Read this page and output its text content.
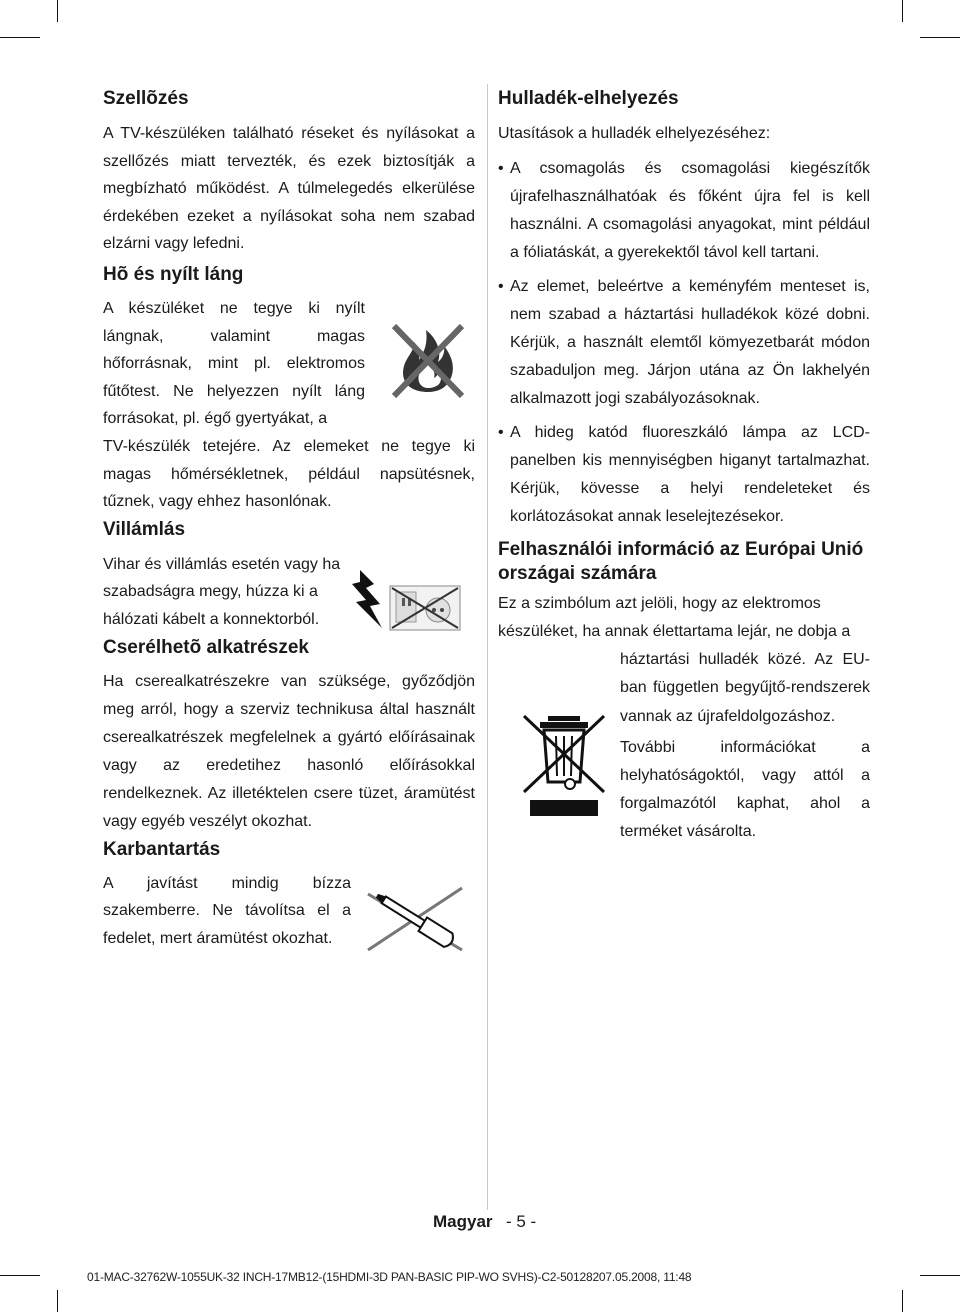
Szellõzés

A TV-készüléken található réseket és nyílásokat a szellőzés miatt tervezték, és ezek biztosítják a megbízható működést. A túlmelegedés elkerülése érdekében ezeket a nyílásokat soha nem szabad elzárni vagy lefedni.

Hõ és nyílt láng

A készüléket ne tegye ki nyílt lángnak, valamint magas hőforrásnak, mint pl. elektromos fűtőtest. Ne helyezzen nyílt láng forrásokat, pl. égő gyertyákat, a

TV-készülék tetejére. Az elemeket ne tegye ki magas hőmérsékletnek, például napsütésnek, tűznek, vagy ehhez hasonlónak.

Villámlás

Vihar és villámlás esetén vagy ha szabadságra megy, húzza ki a hálózati kábelt a konnektorból.

Cserélhetõ alkatrészek

Ha cserealkatrészekre van szüksége, győződjön meg arról, hogy a szerviz technikusa által használt cserealkatrészek megfelelnek a gyártó előírásainak vagy az eredetihez hasonló előírásokkal rendelkeznek. Az illetéktelen csere tüzet, áramütést vagy egyéb veszélyt okozhat.

Karbantartás

A javítást mindig bízza szakemberre. Ne távolítsa el a fedelet, mert áramütést okozhat.

Hulladék-elhelyezés

Utasítások a hulladék elhelyezéséhez:

• A csomagolás és csomagolási kiegészítők újrafelhasználhatóak és főként újra fel is kell használni. A csomagolási anyagokat, mint például a fóliatáskát, a gyerekektől távol kell tartani.
• Az elemet, beleértve a keményfém menteset is, nem szabad a háztartási hulladékok közé dobni. Kérjük, a használt elemtől kömyezetbarát módon szabaduljon meg. Járjon utána az Ön lakhelyén alkalmazott jogi szabályozásoknak.
• A hideg katód fluoreszkáló lámpa az LCD-panelben kis mennyiségben higanyt tartalmazhat. Kérjük, kövesse a helyi rendeleteket és korlátozásokat annak leselejtezésekor.
Felhasználói információ az Európai Unió országai számára

Ez a szimbólum azt jelöli, hogy az elektromos készüléket, ha annak élettartama lejár, ne dobja a

háztartási hulladék közé. Az EU-ban független begyűjtő-rendszerek vannak az újrafeldolgozáshoz.

További információkat a helyhatóságoktól, vagy attól a forgalmazótól kaphat, ahol a terméket vásárolta.

Magyar - 5 -
01-MAC-32762W-1055UK-32 INCH-17MB12-(15HDMI-3D PAN-BASIC PIP-WO SVHS)-C2-50128207.05.2008, 11:48
